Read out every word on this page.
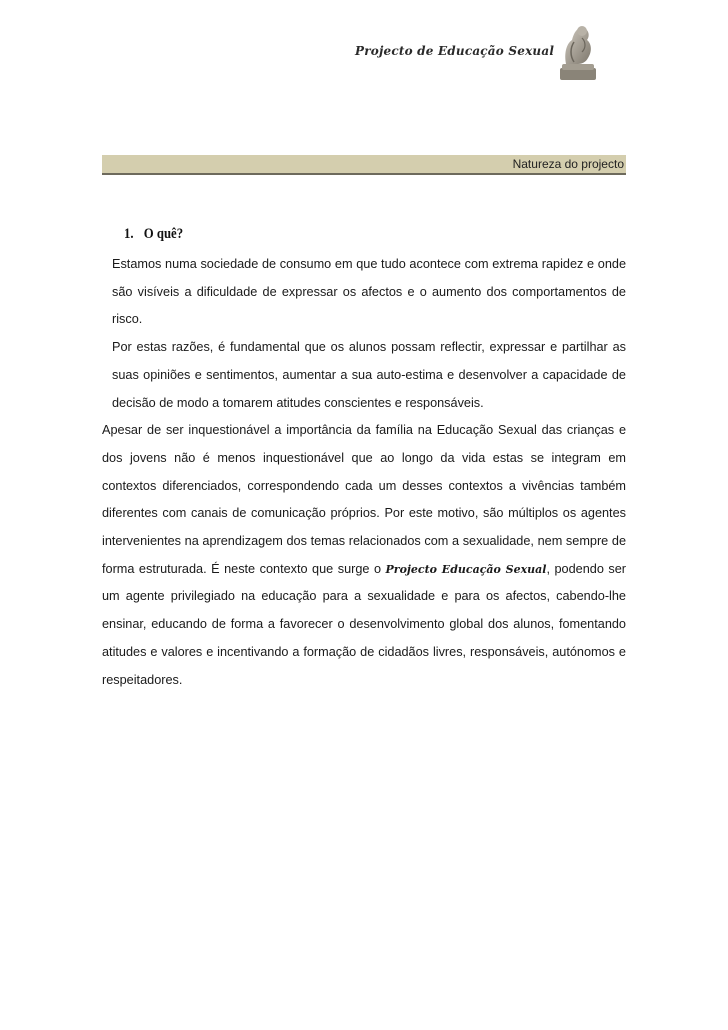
Projecto de Educação Sexual
Natureza do projecto
1. O quê?

Estamos numa sociedade de consumo em que tudo acontece com extrema rapidez e onde são visíveis a dificuldade de expressar os afectos e o aumento dos comportamentos de risco.

Por estas razões, é fundamental que os alunos possam reflectir, expressar e partilhar as suas opiniões e sentimentos, aumentar a sua auto-estima e desenvolver a capacidade de decisão de modo a tomarem atitudes conscientes e responsáveis.

Apesar de ser inquestionável a importância da família na Educação Sexual das crianças e dos jovens não é menos inquestionável que ao longo da vida estas se integram em contextos diferenciados, correspondendo cada um desses contextos a vivências também diferentes com canais de comunicação próprios. Por este motivo, são múltiplos os agentes intervenientes na aprendizagem dos temas relacionados com a sexualidade, nem sempre de forma estruturada. É neste contexto que surge o Projecto Educação Sexual, podendo ser um agente privilegiado na educação para a sexualidade e para os afectos, cabendo-lhe ensinar, educando de forma a favorecer o desenvolvimento global dos alunos, fomentando atitudes e valores e incentivando a formação de cidadãos livres, responsáveis, autónomos e respeitadores.
